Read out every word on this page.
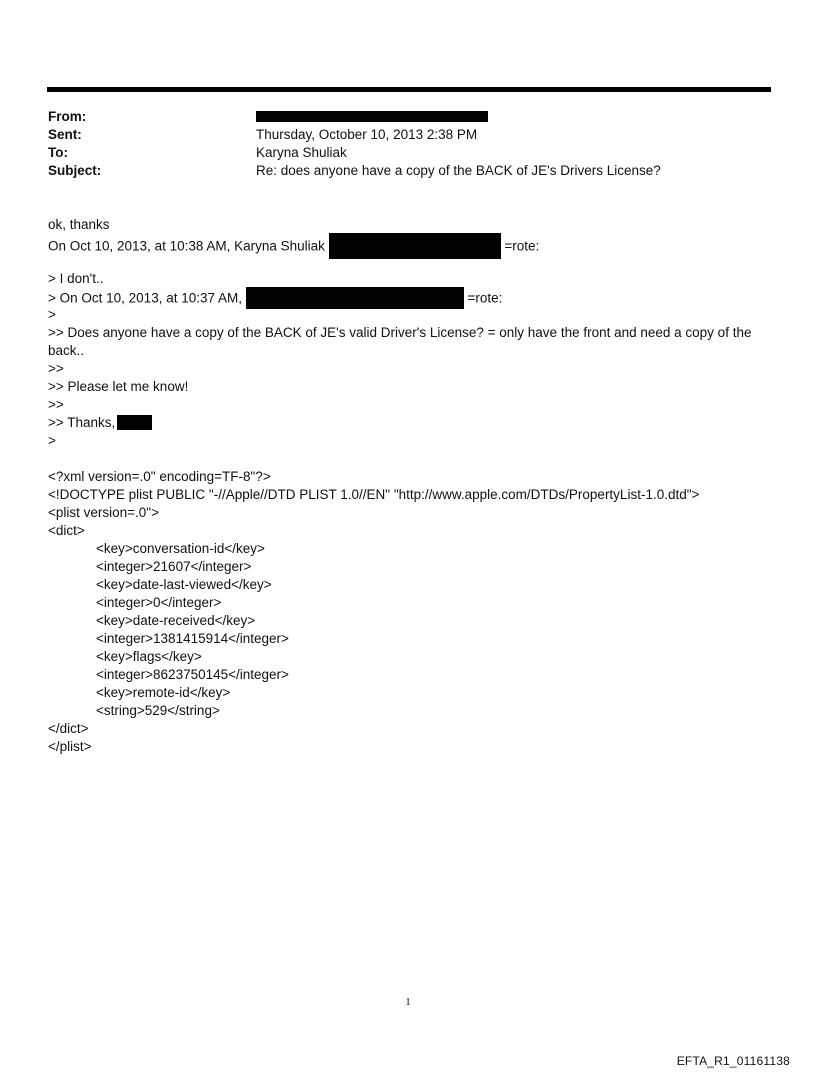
From:
Sent:	Thursday, October 10, 2013 2:38 PM
To:	Karyna Shuliak
Subject:	Re: does anyone have a copy of the BACK of JE's Drivers License?
ok, thanks
On Oct 10, 2013, at 10:38 AM, Karyna Shuliak	=rote:
> I don't..
> On Oct 10, 2013, at 10:37 AM,	=rote:
>
>> Does anyone have a copy of the BACK of JE's valid Driver's License? = only have the front and need a copy of the back..
>>
>> Please let me know!
>>
>> Thanks,
>
<?xml version=.0" encoding=TF-8"?>
<!DOCTYPE plist PUBLIC "-//Apple//DTD PLIST 1.0//EN" "http://www.apple.com/DTDs/PropertyList-1.0.dtd">
<plist version=.0">
<dict>
<key>conversation-id</key>
<integer>21607</integer>
<key>date-last-viewed</key>
<integer>0</integer>
<key>date-received</key>
<integer>1381415914</integer>
<key>flags</key>
<integer>8623750145</integer>
<key>remote-id</key>
<string>529</string>
</dict>
</plist>
1
EFTA_R1_01161138
